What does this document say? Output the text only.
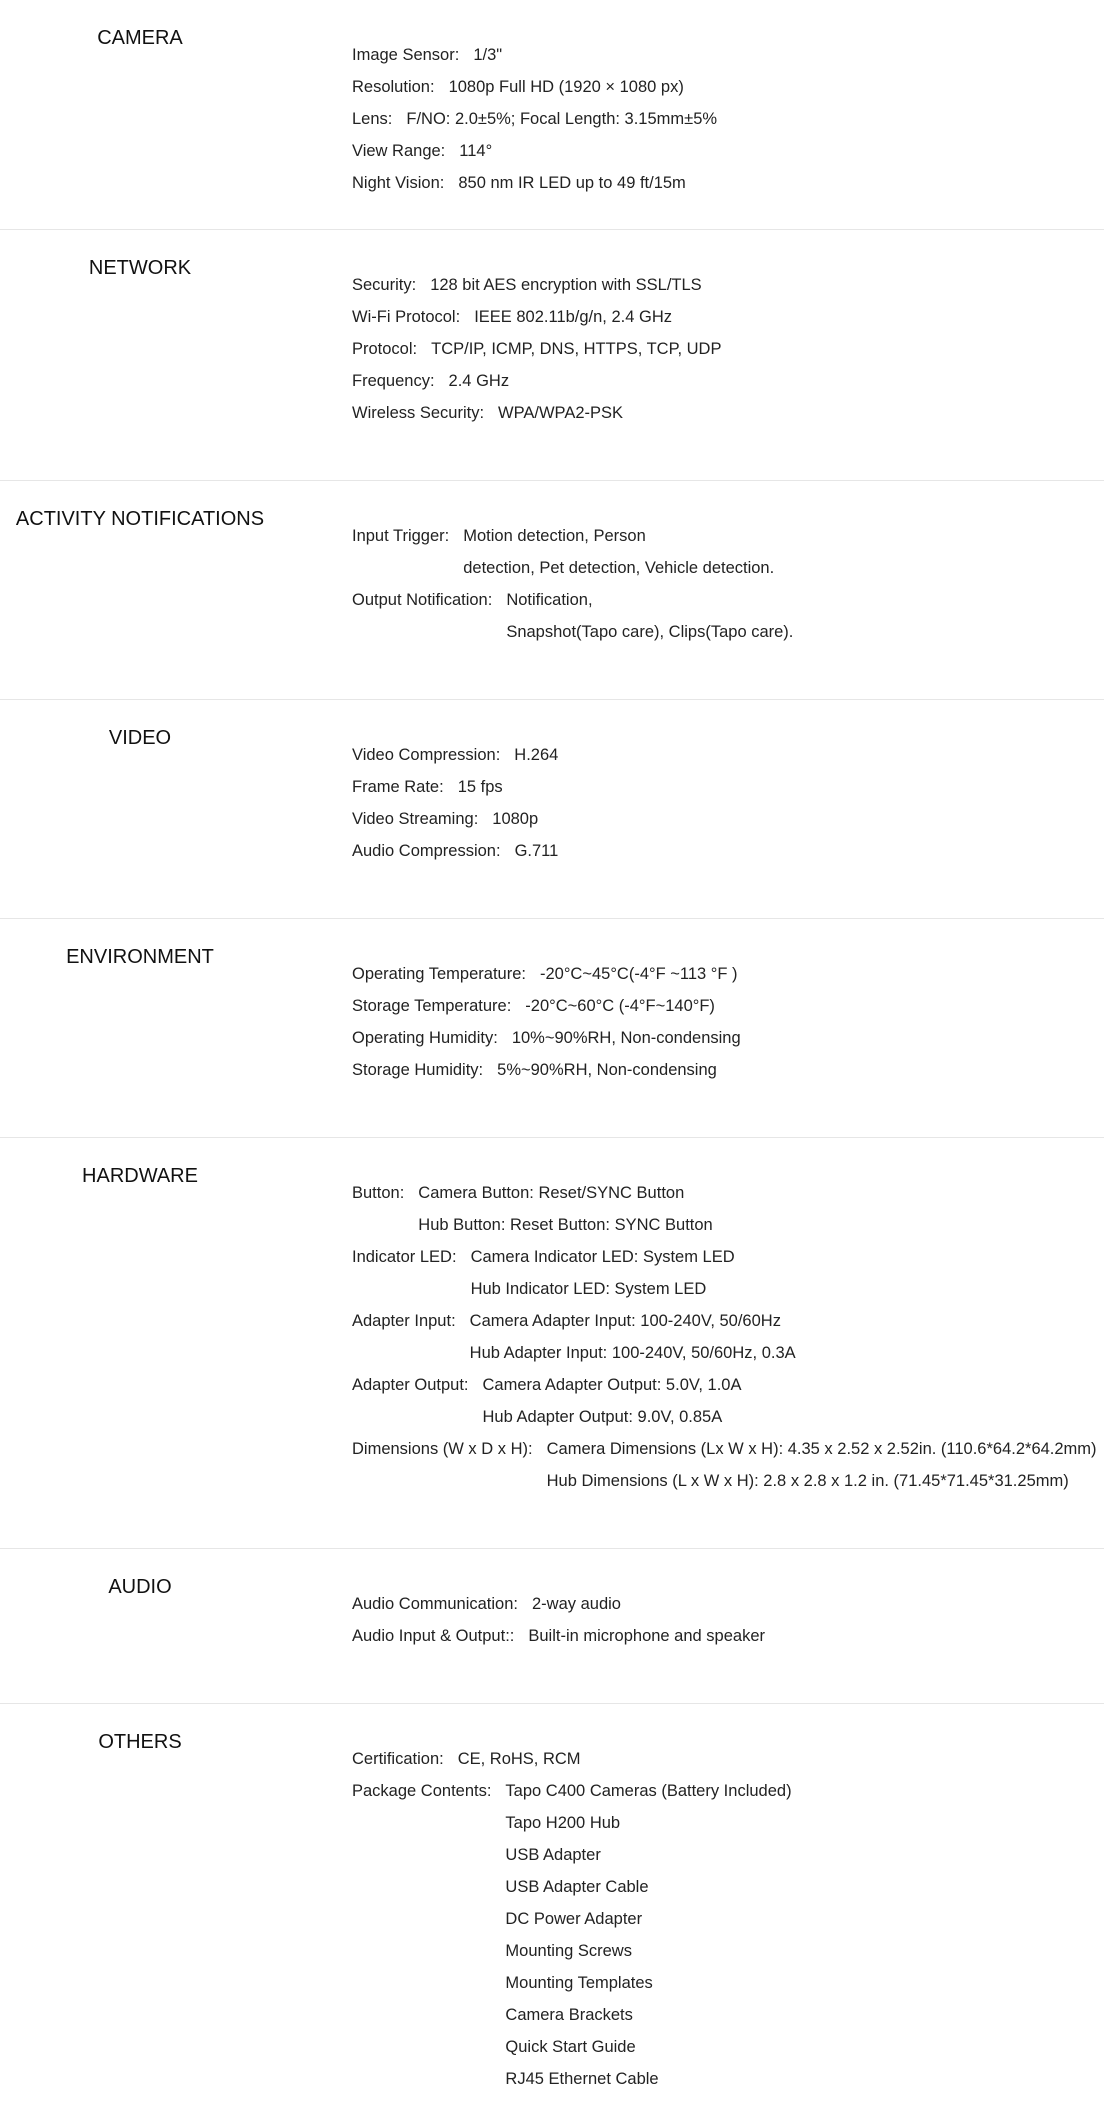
CAMERA
Image Sensor: 1/3"
Resolution: 1080p Full HD (1920 × 1080 px)
Lens: F/NO: 2.0±5%; Focal Length: 3.15mm±5%
View Range: 114°
Night Vision: 850 nm IR LED up to 49 ft/15m
NETWORK
Security: 128 bit AES encryption with SSL/TLS
Wi-Fi Protocol: IEEE 802.11b/g/n, 2.4 GHz
Protocol: TCP/IP, ICMP, DNS, HTTPS, TCP, UDP
Frequency: 2.4 GHz
Wireless Security: WPA/WPA2-PSK
ACTIVITY NOTIFICATIONS
Input Trigger: Motion detection, Person
detection, Pet detection, Vehicle detection.
Output Notification: Notification,
Snapshot(Tapo care), Clips(Tapo care).
VIDEO
Video Compression: H.264
Frame Rate: 15 fps
Video Streaming: 1080p
Audio Compression: G.711
ENVIRONMENT
Operating Temperature: -20°C~45°C(-4°F ~113 °F )
Storage Temperature: -20°C~60°C (-4°F~140°F)
Operating Humidity: 10%~90%RH, Non-condensing
Storage Humidity: 5%~90%RH, Non-condensing
HARDWARE
Button: Camera Button: Reset/SYNC Button
Hub Button: Reset Button: SYNC Button
Indicator LED: Camera Indicator LED: System LED
Hub Indicator LED: System LED
Adapter Input: Camera Adapter Input: 100-240V, 50/60Hz
Hub Adapter Input: 100-240V, 50/60Hz, 0.3A
Adapter Output: Camera Adapter Output: 5.0V, 1.0A
Hub Adapter Output: 9.0V, 0.85A
Dimensions (W x D x H): Camera Dimensions (Lx W x H): 4.35 x 2.52 x 2.52in. (110.6*64.2*64.2mm)
Hub Dimensions (L x W x H): 2.8 x 2.8 x 1.2 in. (71.45*71.45*31.25mm)
AUDIO
Audio Communication: 2-way audio
Audio Input & Output:: Built-in microphone and speaker
OTHERS
Certification: CE, RoHS, RCM
Package Contents: Tapo C400 Cameras (Battery Included)
Tapo H200 Hub
USB Adapter
USB Adapter Cable
DC Power Adapter
Mounting Screws
Mounting Templates
Camera Brackets
Quick Start Guide
RJ45 Ethernet Cable
